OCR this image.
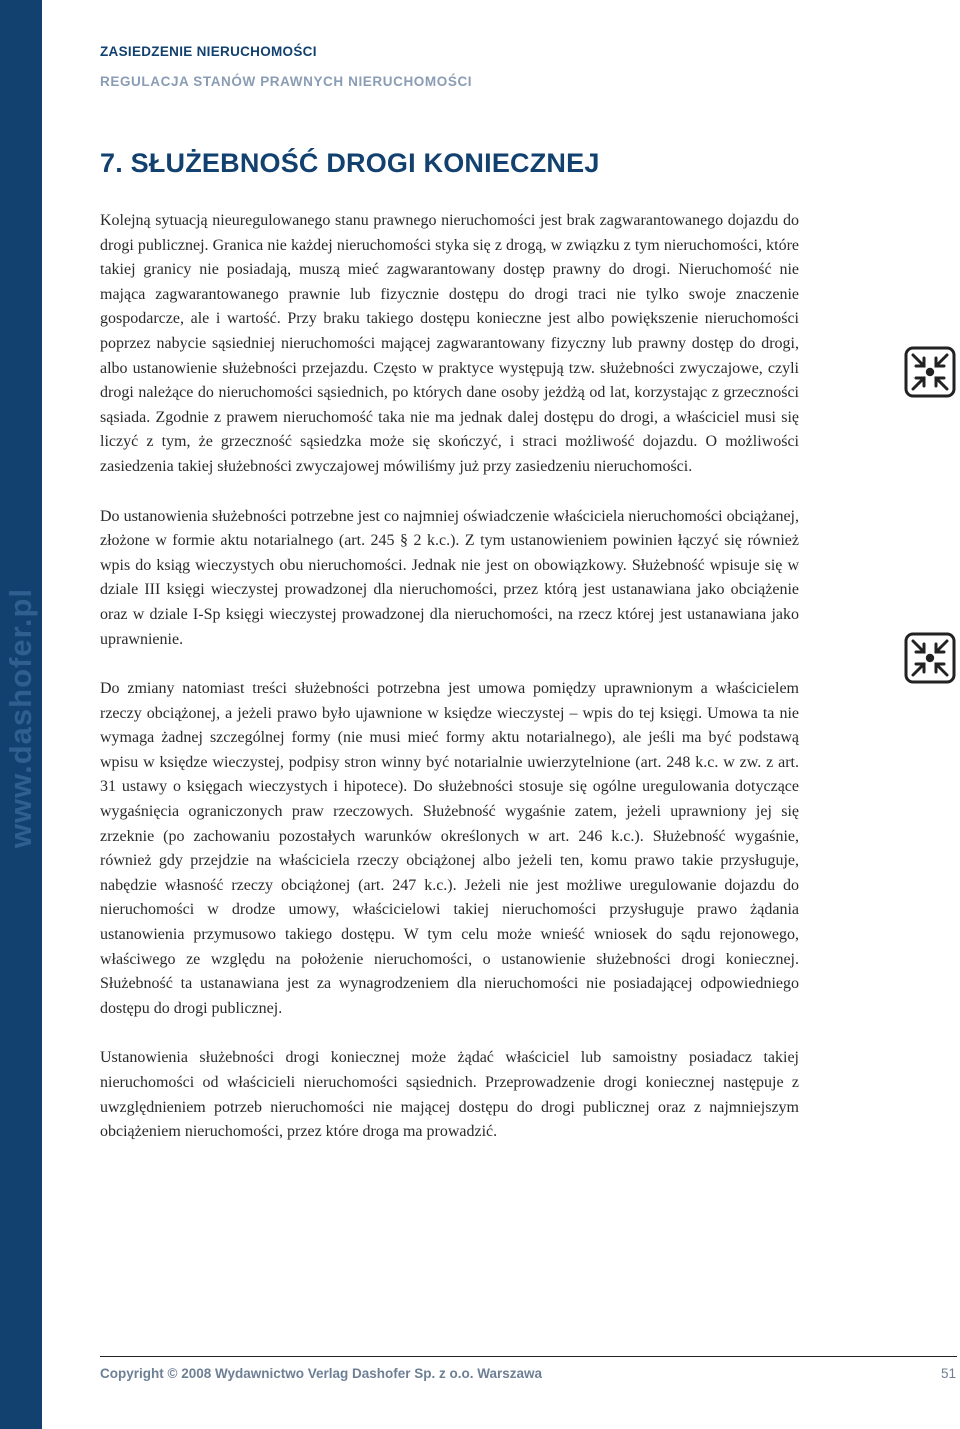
www.dashofer.pl
ZASIEDZENIE NIERUCHOMOŚCI
REGULACJA STANÓW PRAWNYCH NIERUCHOMOŚCI
7. SŁUŻEBNOŚĆ DROGI KONIECZNEJ

Kolejną sytuacją nieuregulowanego stanu prawnego nieruchomości jest brak zagwarantowanego dojazdu do drogi publicznej. Granica nie każdej nieruchomości styka się z drogą, w związku z tym nieruchomości, które takiej granicy nie posiadają, muszą mieć zagwarantowany dostęp prawny do drogi. Nieruchomość nie mająca zagwarantowanego prawnie lub fizycznie dostępu do drogi traci nie tylko swoje znaczenie gospodarcze, ale i wartość. Przy braku takiego dostępu konieczne jest albo powiększenie nieruchomości poprzez nabycie sąsiedniej nieruchomości mającej zagwarantowany fizyczny lub prawny dostęp do drogi, albo ustanowienie służebności przejazdu. Często w praktyce występują tzw. służebności zwyczajowe, czyli drogi należące do nieruchomości sąsiednich, po których dane osoby jeżdżą od lat, korzystając z grzeczności sąsiada. Zgodnie z prawem nieruchomość taka nie ma jednak dalej dostępu do drogi, a właściciel musi się liczyć z tym, że grzeczność sąsiedzka może się skończyć, i straci możliwość dojazdu. O możliwości zasiedzenia takiej służebności zwyczajowej mówiliśmy już przy zasiedzeniu nieruchomości.

Do ustanowienia służebności potrzebne jest co najmniej oświadczenie właściciela nieruchomości obciążanej, złożone w formie aktu notarialnego (art. 245 § 2 k.c.). Z tym ustanowieniem powinien łączyć się również wpis do ksiąg wieczystych obu nieruchomości. Jednak nie jest on obowiązkowy. Służebność wpisuje się w dziale III księgi wieczystej prowadzonej dla nieruchomości, przez którą jest ustanawiana jako obciążenie oraz w dziale I-Sp księgi wieczystej prowadzonej dla nieruchomości, na rzecz której jest ustanawiana jako uprawnienie.

Do zmiany natomiast treści służebności potrzebna jest umowa pomiędzy uprawnionym a właścicielem rzeczy obciążonej, a jeżeli prawo było ujawnione w księdze wieczystej – wpis do tej księgi. Umowa ta nie wymaga żadnej szczególnej formy (nie musi mieć formy aktu notarialnego), ale jeśli ma być podstawą wpisu w księdze wieczystej, podpisy stron winny być notarialnie uwierzytelnione (art. 248 k.c. w zw. z art. 31 ustawy o księgach wieczystych i hipotece). Do służebności stosuje się ogólne uregulowania dotyczące wygaśnięcia ograniczonych praw rzeczowych. Służebność wygaśnie zatem, jeżeli uprawniony jej się zrzeknie (po zachowaniu pozostałych warunków określonych w art. 246 k.c.). Służebność wygaśnie, również gdy przejdzie na właściciela rzeczy obciążonej albo jeżeli ten, komu prawo takie przysługuje, nabędzie własność rzeczy obciążonej (art. 247 k.c.). Jeżeli nie jest możliwe uregulowanie dojazdu do nieruchomości w drodze umowy, właścicielowi takiej nieruchomości przysługuje prawo żądania ustanowienia przymusowo takiego dostępu. W tym celu może wnieść wniosek do sądu rejonowego, właściwego ze względu na położenie nieruchomości, o ustanowienie służebności drogi koniecznej. Służebność ta ustanawiana jest za wynagrodzeniem dla nieruchomości nie posiadającej odpowiedniego dostępu do drogi publicznej.

Ustanowienia służebności drogi koniecznej może żądać właściciel lub samoistny posiadacz takiej nieruchomości od właścicieli nieruchomości sąsiednich. Przeprowadzenie drogi koniecznej następuje z uwzględnieniem potrzeb nieruchomości nie mającej dostępu do drogi publicznej oraz z najmniejszym obciążeniem nieruchomości, przez które droga ma prowadzić.

Copyright © 2008 Wydawnictwo Verlag Dashofer Sp. z o.o. Warszawa	51
